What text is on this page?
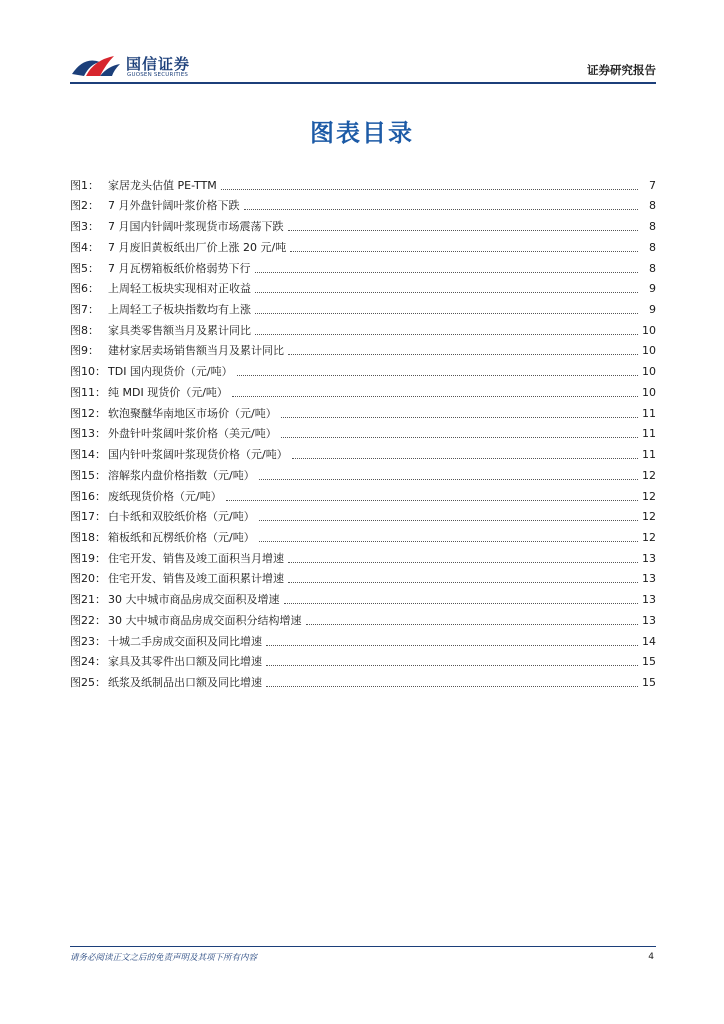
国信证券
GUOSEN SECURITIES	证券研究报告
图表目录
图1： 家居龙头估值 PE-TTM	7
图2： 7 月外盘针阔叶浆价格下跌	8
图3： 7 月国内针阔叶浆现货市场震荡下跌	8
图4： 7 月废旧黄板纸出厂价上涨 20 元/吨	8
图5： 7 月瓦楞箱板纸价格弱势下行	8
图6： 上周轻工板块实现相对正收益	9
图7： 上周轻工子板块指数均有上涨	9
图8： 家具类零售额当月及累计同比	10
图9： 建材家居卖场销售额当月及累计同比	10
图10： TDI 国内现货价（元/吨）	10
图11： 纯 MDI 现货价（元/吨）	10
图12： 软泡聚醚华南地区市场价（元/吨）	11
图13： 外盘针叶浆阔叶浆价格（美元/吨）	11
图14： 国内针叶浆阔叶浆现货价格（元/吨）	11
图15： 溶解浆内盘价格指数（元/吨）	12
图16： 废纸现货价格（元/吨）	12
图17： 白卡纸和双胶纸价格（元/吨）	12
图18： 箱板纸和瓦楞纸价格（元/吨）	12
图19： 住宅开发、销售及竣工面积当月增速	13
图20： 住宅开发、销售及竣工面积累计增速	13
图21： 30 大中城市商品房成交面积及增速	13
图22： 30 大中城市商品房成交面积分结构增速	13
图23： 十城二手房成交面积及同比增速	14
图24： 家具及其零件出口额及同比增速	15
图25： 纸浆及纸制品出口额及同比增速	15
请务必阅读正文之后的免责声明及其项下所有内容	4
